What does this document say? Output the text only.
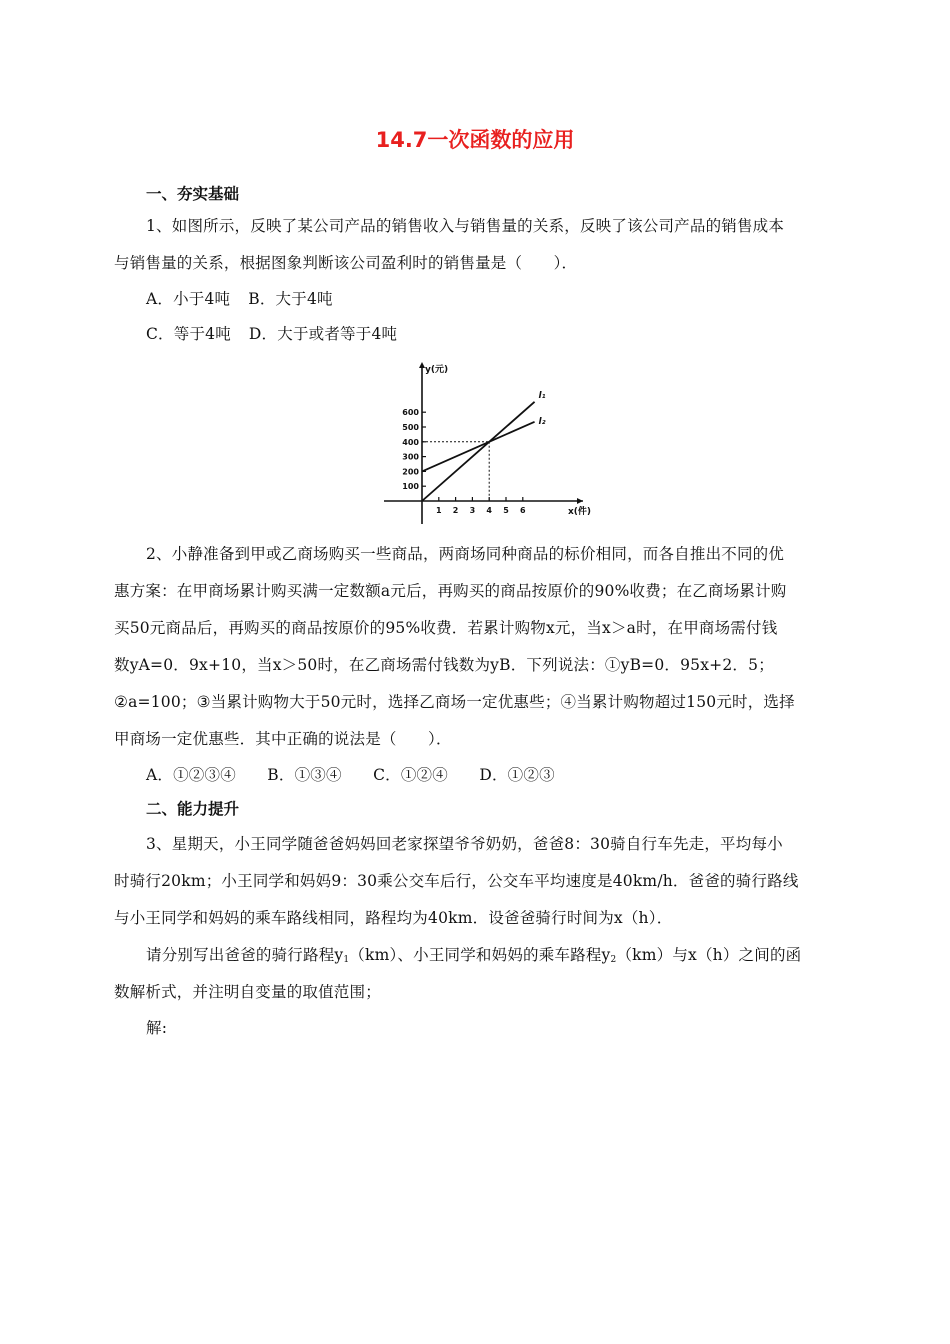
14.7一次函数的应用
一、夯实基础
1、如图所示，反映了某公司产品的销售收入与销售量的关系，反映了该公司产品的销售成本
与销售量的关系，根据图象判断该公司盈利时的销售量是（　　）．
A．小于4吨 B．大于4吨
C．等于4吨 D．大于或者等于4吨
y(元)
x(件)
1 2 3 4 5 6
100
200
300
400
500
600
l₁
l₂
2、小静准备到甲或乙商场购买一些商品，两商场同种商品的标价相同，而各自推出不同的优
惠方案：在甲商场累计购买满一定数额a元后，再购买的商品按原价的90%收费；在乙商场累计购
买50元商品后，再购买的商品按原价的95%收费．若累计购物x元，当x＞a时，在甲商场需付钱
数yA=0．9x+10，当x＞50时，在乙商场需付钱数为yB．下列说法：①yB=0．95x+2．5；
②a=100；③当累计购物大于50元时，选择乙商场一定优惠些；④当累计购物超过150元时，选择
甲商场一定优惠些．其中正确的说法是（　　）．
A．①②③④　　B．①③④　　C．①②④　　D．①②③
二、能力提升
3、星期天，小王同学随爸爸妈妈回老家探望爷爷奶奶，爸爸8：30骑自行车先走，平均每小
时骑行20km；小王同学和妈妈9：30乘公交车后行，公交车平均速度是40km/h．爸爸的骑行路线
与小王同学和妈妈的乘车路线相同，路程均为40km．设爸爸骑行时间为x（h）．
请分别写出爸爸的骑行路程$y_1(km)$、小王同学和妈妈的乘车路程$y_2(km)$与x（h）之间的函
数解析式，并注明自变量的取值范围；
解:
